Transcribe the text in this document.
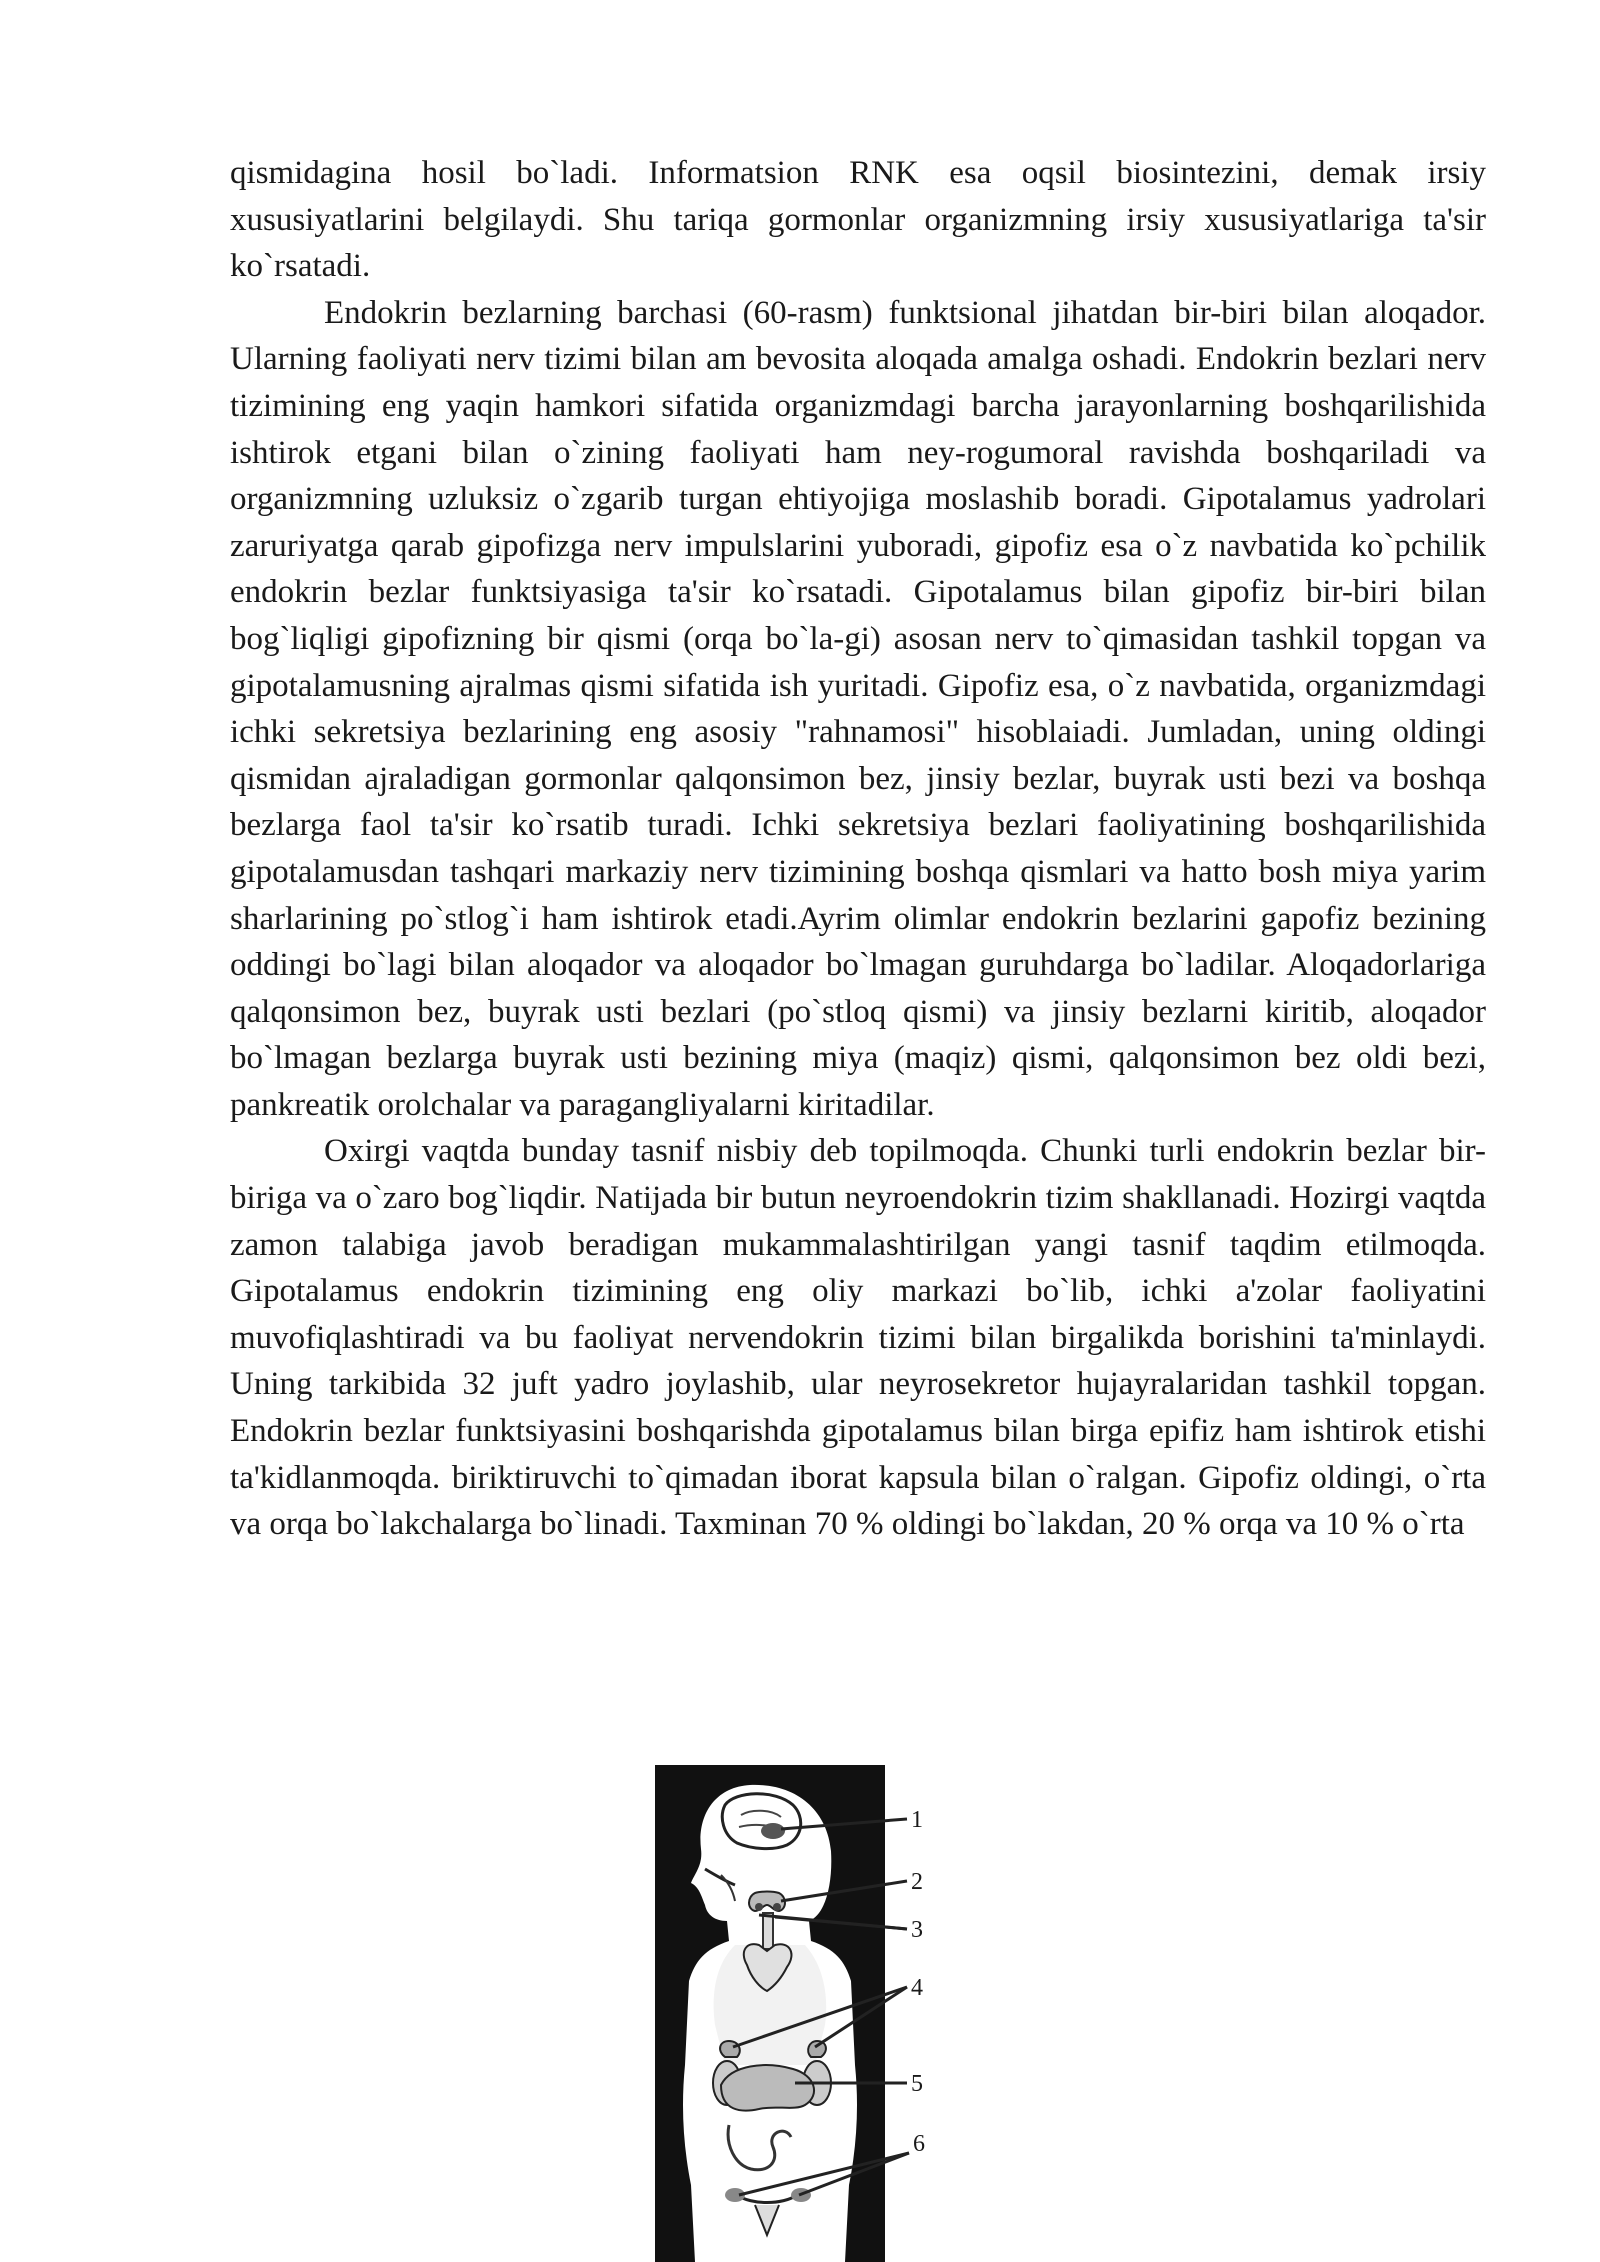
qismidagina hosil bo`ladi. Informatsion RNK esa oqsil biosintezini, demak irsiy xususiyatlarini belgilaydi. Shu tariqa gormonlar organizmning irsiy xususiyatlariga ta'sir ko`rsatadi.

Endokrin bezlarning barchasi (60-rasm) funktsional jihatdan bir-biri bilan aloqador. Ularning faoliyati nerv tizimi bilan am bevosita aloqada amalga oshadi. Endokrin bezlari nerv tizimining eng yaqin hamkori sifatida organizmdagi barcha jarayonlarning boshqarilishida ishtirok etgani bilan o`zining faoliyati ham ney-rogumoral ravishda boshqariladi va organizmning uzluksiz o`zgarib turgan ehtiyojiga moslashib boradi. Gipotalamus yadrolari zaruriyatga qarab gipofizga nerv impulslarini yuboradi, gipofiz esa o`z navbatida ko`pchilik endokrin bezlar funktsiyasiga ta'sir ko`rsatadi. Gipotalamus bilan gipofiz bir-biri bilan bog`liqligi gipofizning bir qismi (orqa bo`la-gi) asosan nerv to`qimasidan tashkil topgan va gipotalamusning ajralmas qismi sifatida ish yuritadi. Gipofiz esa, o`z navbatida, organizmdagi ichki sekretsiya bezlarining eng asosiy "rahnamosi" hisoblaiadi. Jumladan, uning oldingi qismidan ajraladigan gormonlar qalqonsimon bez, jinsiy bezlar, buyrak usti bezi va boshqa bezlarga faol ta'sir ko`rsatib turadi. Ichki sekretsiya bezlari faoliyatining boshqarilishida gipotalamusdan tashqari markaziy nerv tizimining boshqa qismlari va hatto bosh miya yarim sharlarining po`stlog`i ham ishtirok etadi.Ayrim olimlar endokrin bezlarini gapofiz bezining oddingi bo`lagi bilan aloqador va aloqador bo`lmagan guruhdarga bo`ladilar. Aloqadorlariga qalqonsimon bez, buyrak usti bezlari (po`stloq qismi) va jinsiy bezlarni kiritib, aloqador bo`lmagan bezlarga buyrak usti bezining miya (maqiz) qismi, qalqonsimon bez oldi bezi, pankreatik orolchalar va paragangliyalarni kiritadilar.

Oxirgi vaqtda bunday tasnif nisbiy deb topilmoqda. Chunki turli endokrin bezlar bir-biriga va o`zaro bog`liqdir. Natijada bir butun neyroendokrin tizim shakllanadi. Hozirgi vaqtda zamon talabiga javob beradigan mukammalashtirilgan yangi tasnif taqdim etilmoqda. Gipotalamus endokrin tizimining eng oliy markazi bo`lib, ichki a'zolar faoliyatini muvofiqlashtiradi va bu faoliyat nervendokrin tizimi bilan birgalikda borishini ta'minlaydi. Uning tarkibida 32 juft yadro joylashib, ular neyrosekretor hujayralaridan tashkil topgan. Endokrin bezlar funktsiyasini boshqarishda gipotalamus bilan birga epifiz ham ishtirok etishi ta'kidlanmoqda. biriktiruvchi to`qimadan iborat kapsula bilan o`ralgan. Gipofiz oldingi, o`rta va orqa bo`lakchalarga bo`linadi. Taxminan 70 % oldingi bo`lakdan, 20 % orqa va 10 % o`rta

1
2
3
4
5
6
